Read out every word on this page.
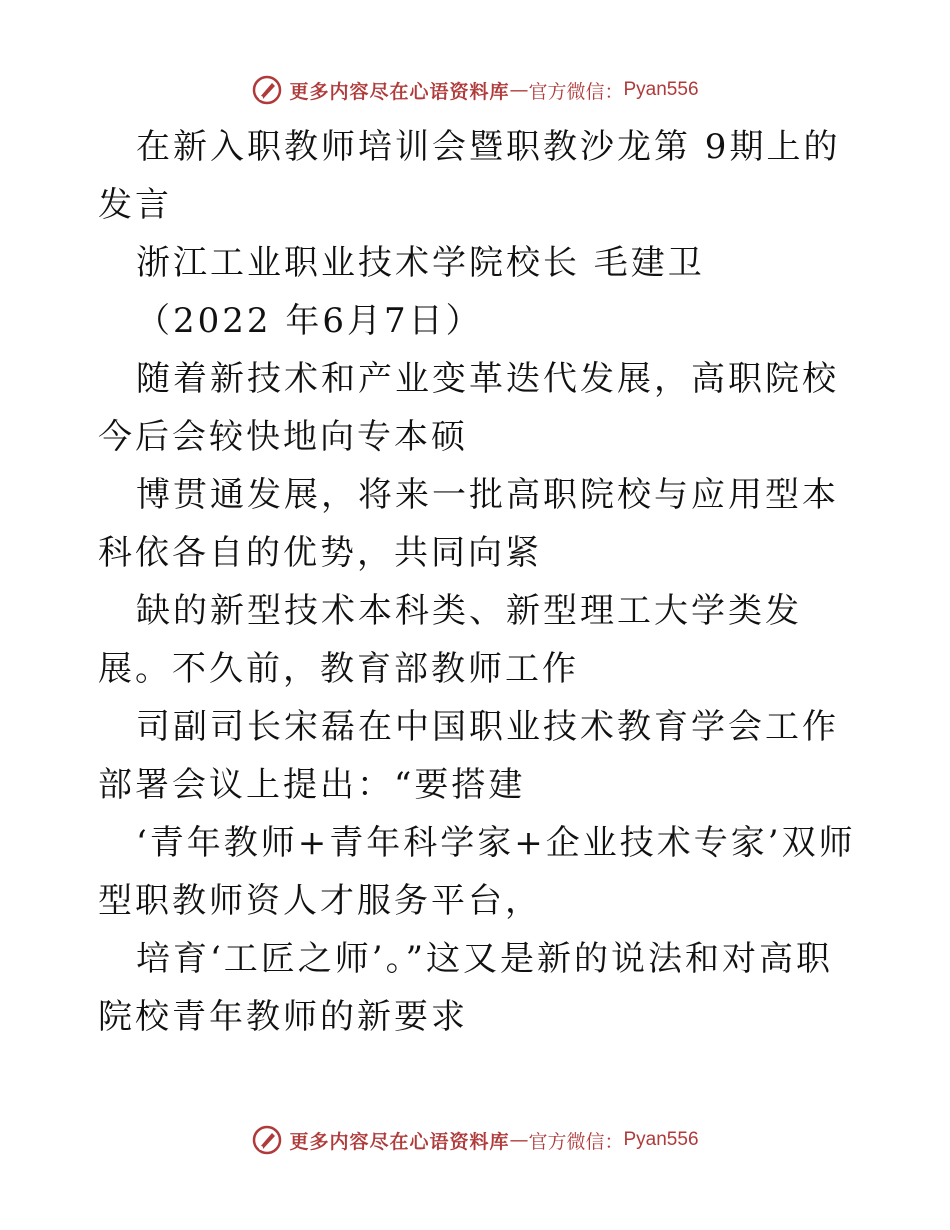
更多内容尽在心语资料库 — 官方微信： Pyan556

在新入职教师培训会暨职教沙龙第 9期上的发言

浙江工业职业技术学院校长 毛建卫

（2022 年6月7日）

随着新技术和产业变革迭代发展，高职院校今后会较快地向专本硕

博贯通发展，将来一批高职院校与应用型本科依各自的优势，共同向紧

缺的新型技术本科类、新型理工大学类发展。不久前，教育部教师工作

司副司长宋磊在中国职业技术教育学会工作部署会议上提出：“要搭建

‘青年教师+青年科学家+企业技术专家’双师型职教师资人才服务平台，

培育‘工匠之师’。”这又是新的说法和对高职院校青年教师的新要求

更多内容尽在心语资料库 — 官方微信： Pyan556
